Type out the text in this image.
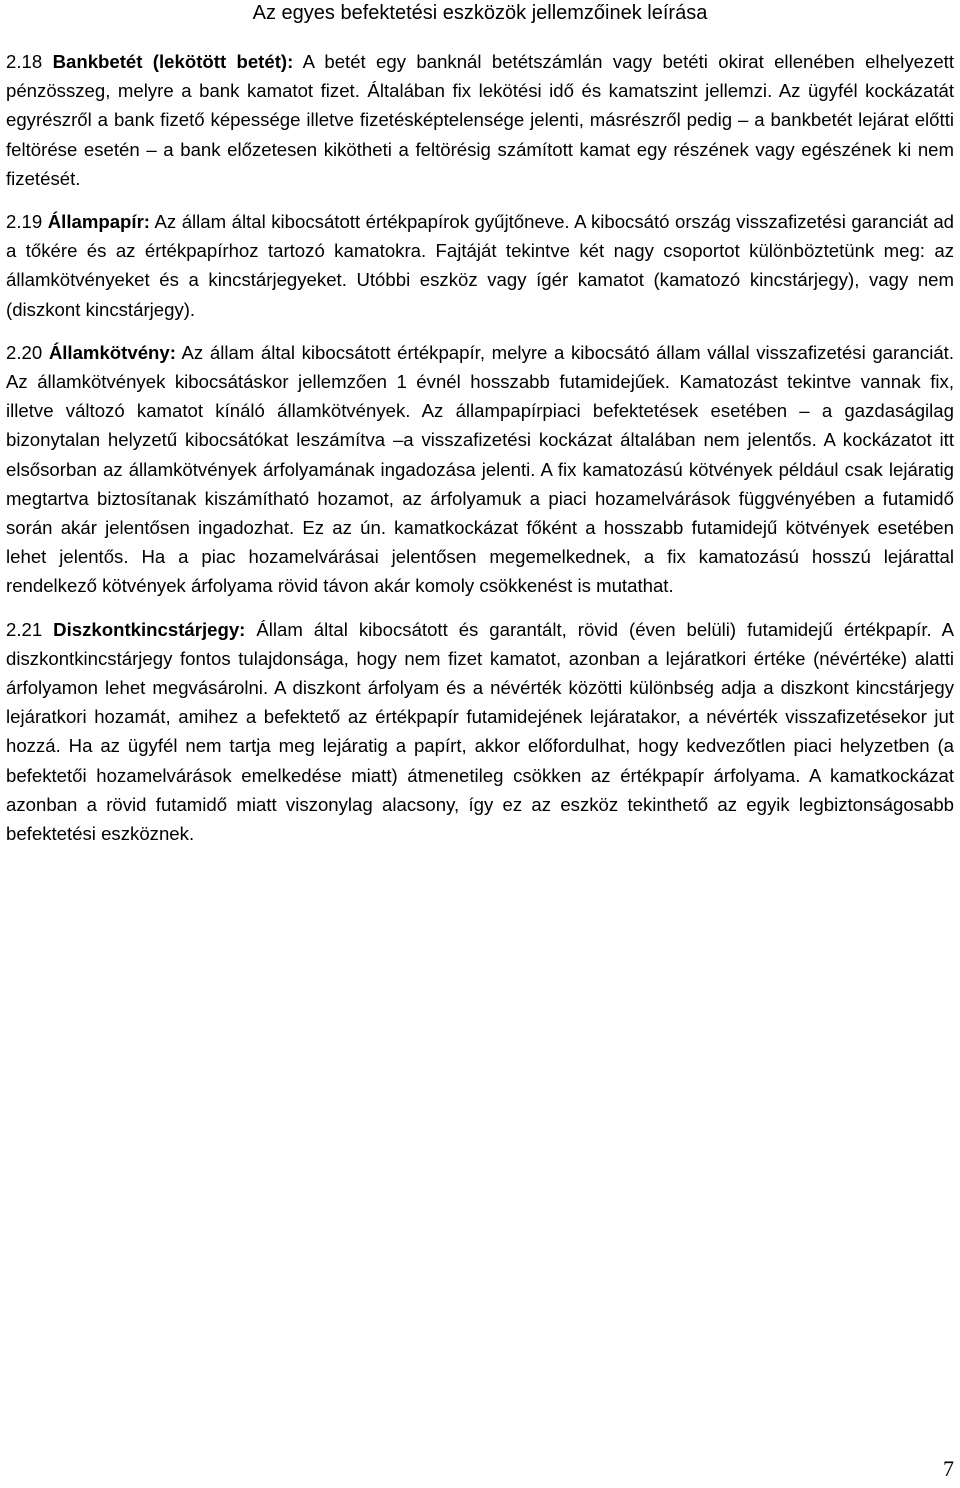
Az egyes befektetési eszközök jellemzőinek leírása

2.18 Bankbetét (lekötött betét): A betét egy banknál betétszámlán vagy betéti okirat ellenében elhelyezett pénzösszeg, melyre a bank kamatot fizet. Általában fix lekötési idő és kamatszint jellemzi. Az ügyfél kockázatát egyrészről a bank fizető képessége illetve fizetésképtelensége jelenti, másrészről pedig – a bankbetét lejárat előtti feltörése esetén – a bank előzetesen kikötheti a feltörésig számított kamat egy részének vagy egészének ki nem fizetését.

2.19 Állampapír: Az állam által kibocsátott értékpapírok gyűjtőneve. A kibocsátó ország visszafizetési garanciát ad a tőkére és az értékpapírhoz tartozó kamatokra. Fajtáját tekintve két nagy csoportot különböztetünk meg: az államkötvényeket és a kincstárjegyeket. Utóbbi eszköz vagy ígér kamatot (kamatozó kincstárjegy), vagy nem (diszkont kincstárjegy).

2.20 Államkötvény: Az állam által kibocsátott értékpapír, melyre a kibocsátó állam vállal visszafizetési garanciát. Az államkötvények kibocsátáskor jellemzően 1 évnél hosszabb futamidejűek. Kamatozást tekintve vannak fix, illetve változó kamatot kínáló államkötvények. Az állampapírpiaci befektetések esetében – a gazdaságilag bizonytalan helyzetű kibocsátókat leszámítva –a visszafizetési kockázat általában nem jelentős. A kockázatot itt elsősorban az államkötvények árfolyamának ingadozása jelenti. A fix kamatozású kötvények például csak lejáratig megtartva biztosítanak kiszámítható hozamot, az árfolyamuk a piaci hozamelvárások függvényében a futamidő során akár jelentősen ingadozhat. Ez az ún. kamatkockázat főként a hosszabb futamidejű kötvények esetében lehet jelentős. Ha a piac hozamelvárásai jelentősen megemelkednek, a fix kamatozású hosszú lejárattal rendelkező kötvények árfolyama rövid távon akár komoly csökkenést is mutathat.

2.21 Diszkontkincstárjegy: Állam által kibocsátott és garantált, rövid (éven belüli) futamidejű értékpapír. A diszkontkincstárjegy fontos tulajdonsága, hogy nem fizet kamatot, azonban a lejáratkori értéke (névértéke) alatti árfolyamon lehet megvásárolni. A diszkont árfolyam és a névérték közötti különbség adja a diszkont kincstárjegy lejáratkori hozamát, amihez a befektető az értékpapír futamidejének lejáratakor, a névérték visszafizetésekor jut hozzá. Ha az ügyfél nem tartja meg lejáratig a papírt, akkor előfordulhat, hogy kedvezőtlen piaci helyzetben (a befektetői hozamelvárások emelkedése miatt) átmenetileg csökken az értékpapír árfolyama. A kamatkockázat azonban a rövid futamidő miatt viszonylag alacsony, így ez az eszköz tekinthető az egyik legbiztonságosabb befektetési eszköznek.

7
